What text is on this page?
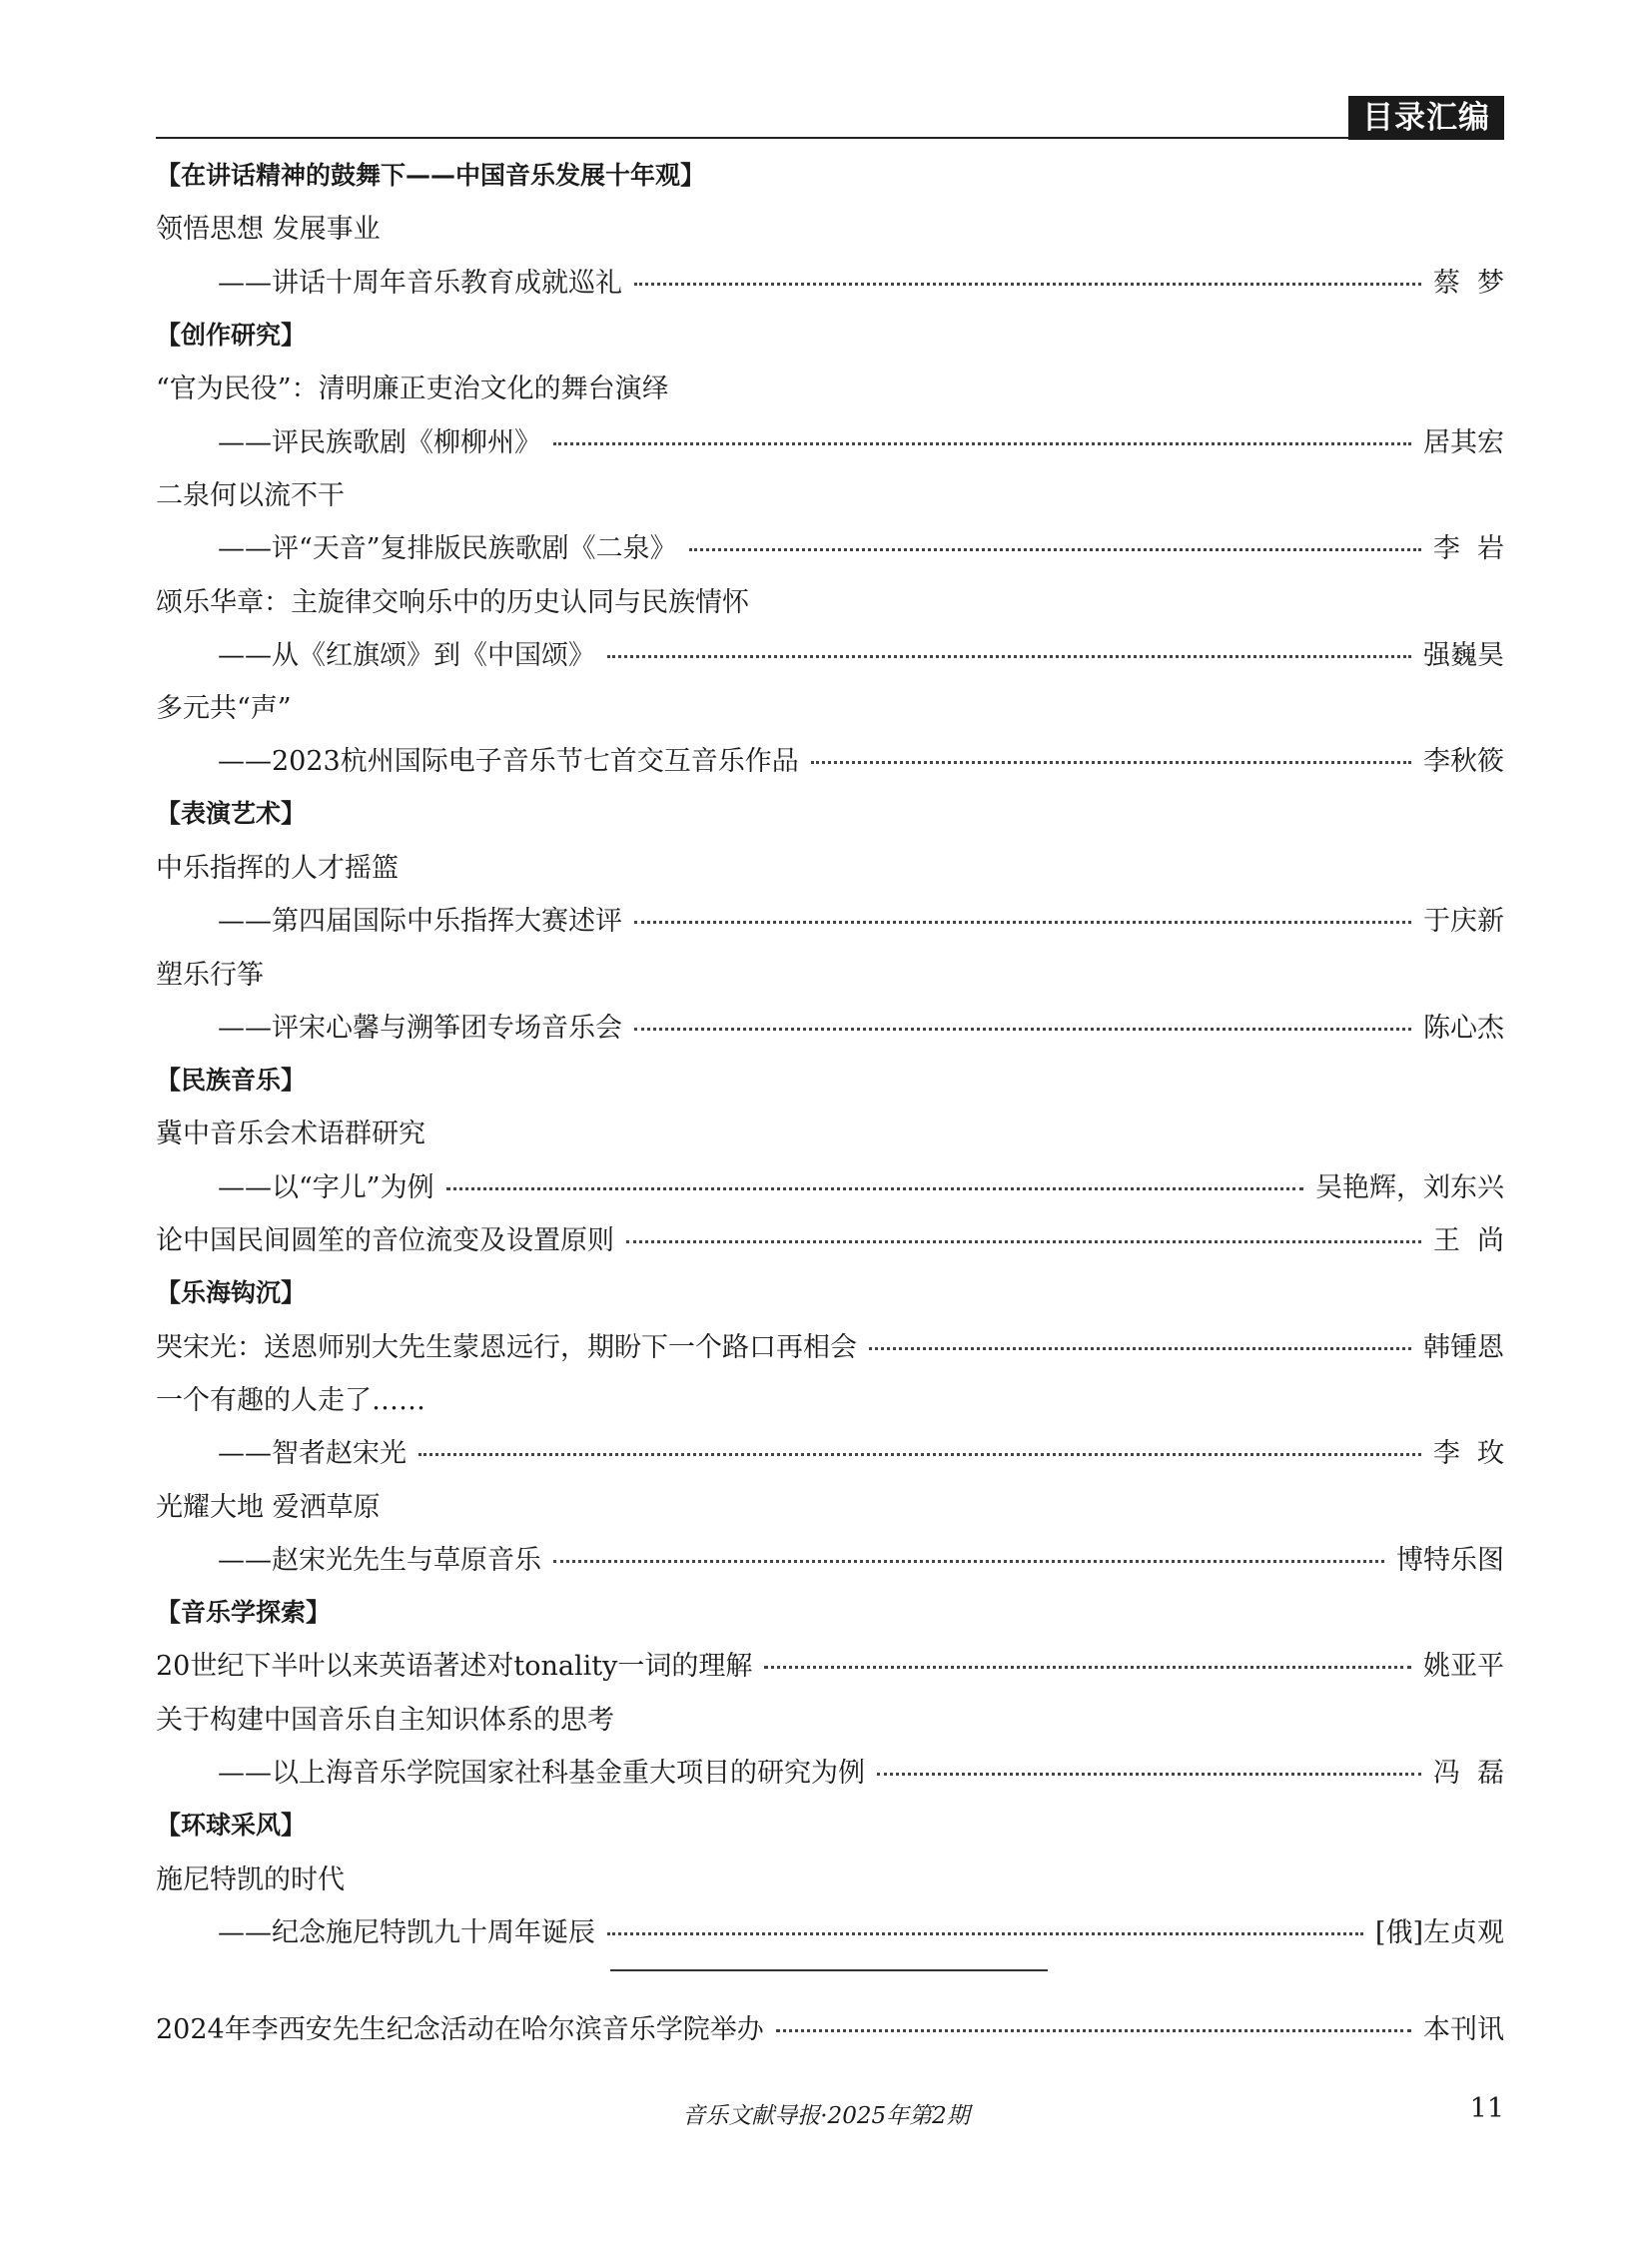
目录汇编
【在讲话精神的鼓舞下——中国音乐发展十年观】
领悟思想 发展事业
——讲话十周年音乐教育成就巡礼	蔡  梦
【创作研究】
“官为民役”：清明廉正吏治文化的舞台演绎
——评民族歌剧《柳柳州》	居其宏
二泉何以流不干
——评“天音”复排版民族歌剧《二泉》	李  岩
颂乐华章：主旋律交响乐中的历史认同与民族情怀
——从《红旗颂》到《中国颂》	强巍昊
多元共“声”
——2023杭州国际电子音乐节七首交互音乐作品	李秋筱
【表演艺术】
中乐指挥的人才摇篮
——第四届国际中乐指挥大赛述评	于庆新
塑乐行筝
——评宋心馨与溯筝团专场音乐会	陈心杰
【民族音乐】
冀中音乐会术语群研究
——以“字儿”为例	吴艳辉，刘东兴
论中国民间圆笙的音位流变及设置原则	王  尚
【乐海钩沉】
哭宋光：送恩师别大先生蒙恩远行，期盼下一个路口再相会	韩锺恩
一个有趣的人走了……
——智者赵宋光	李  玫
光耀大地 爱洒草原
——赵宋光先生与草原音乐	博特乐图
【音乐学探索】
20世纪下半叶以来英语著述对tonality一词的理解	姚亚平
关于构建中国音乐自主知识体系的思考
——以上海音乐学院国家社科基金重大项目的研究为例	冯  磊
【环球采风】
施尼特凯的时代
——纪念施尼特凯九十周年诞辰	[俄]左贞观
2024年李西安先生纪念活动在哈尔滨音乐学院举办	本刊讯
音乐文献导报·2025年第2期	11
